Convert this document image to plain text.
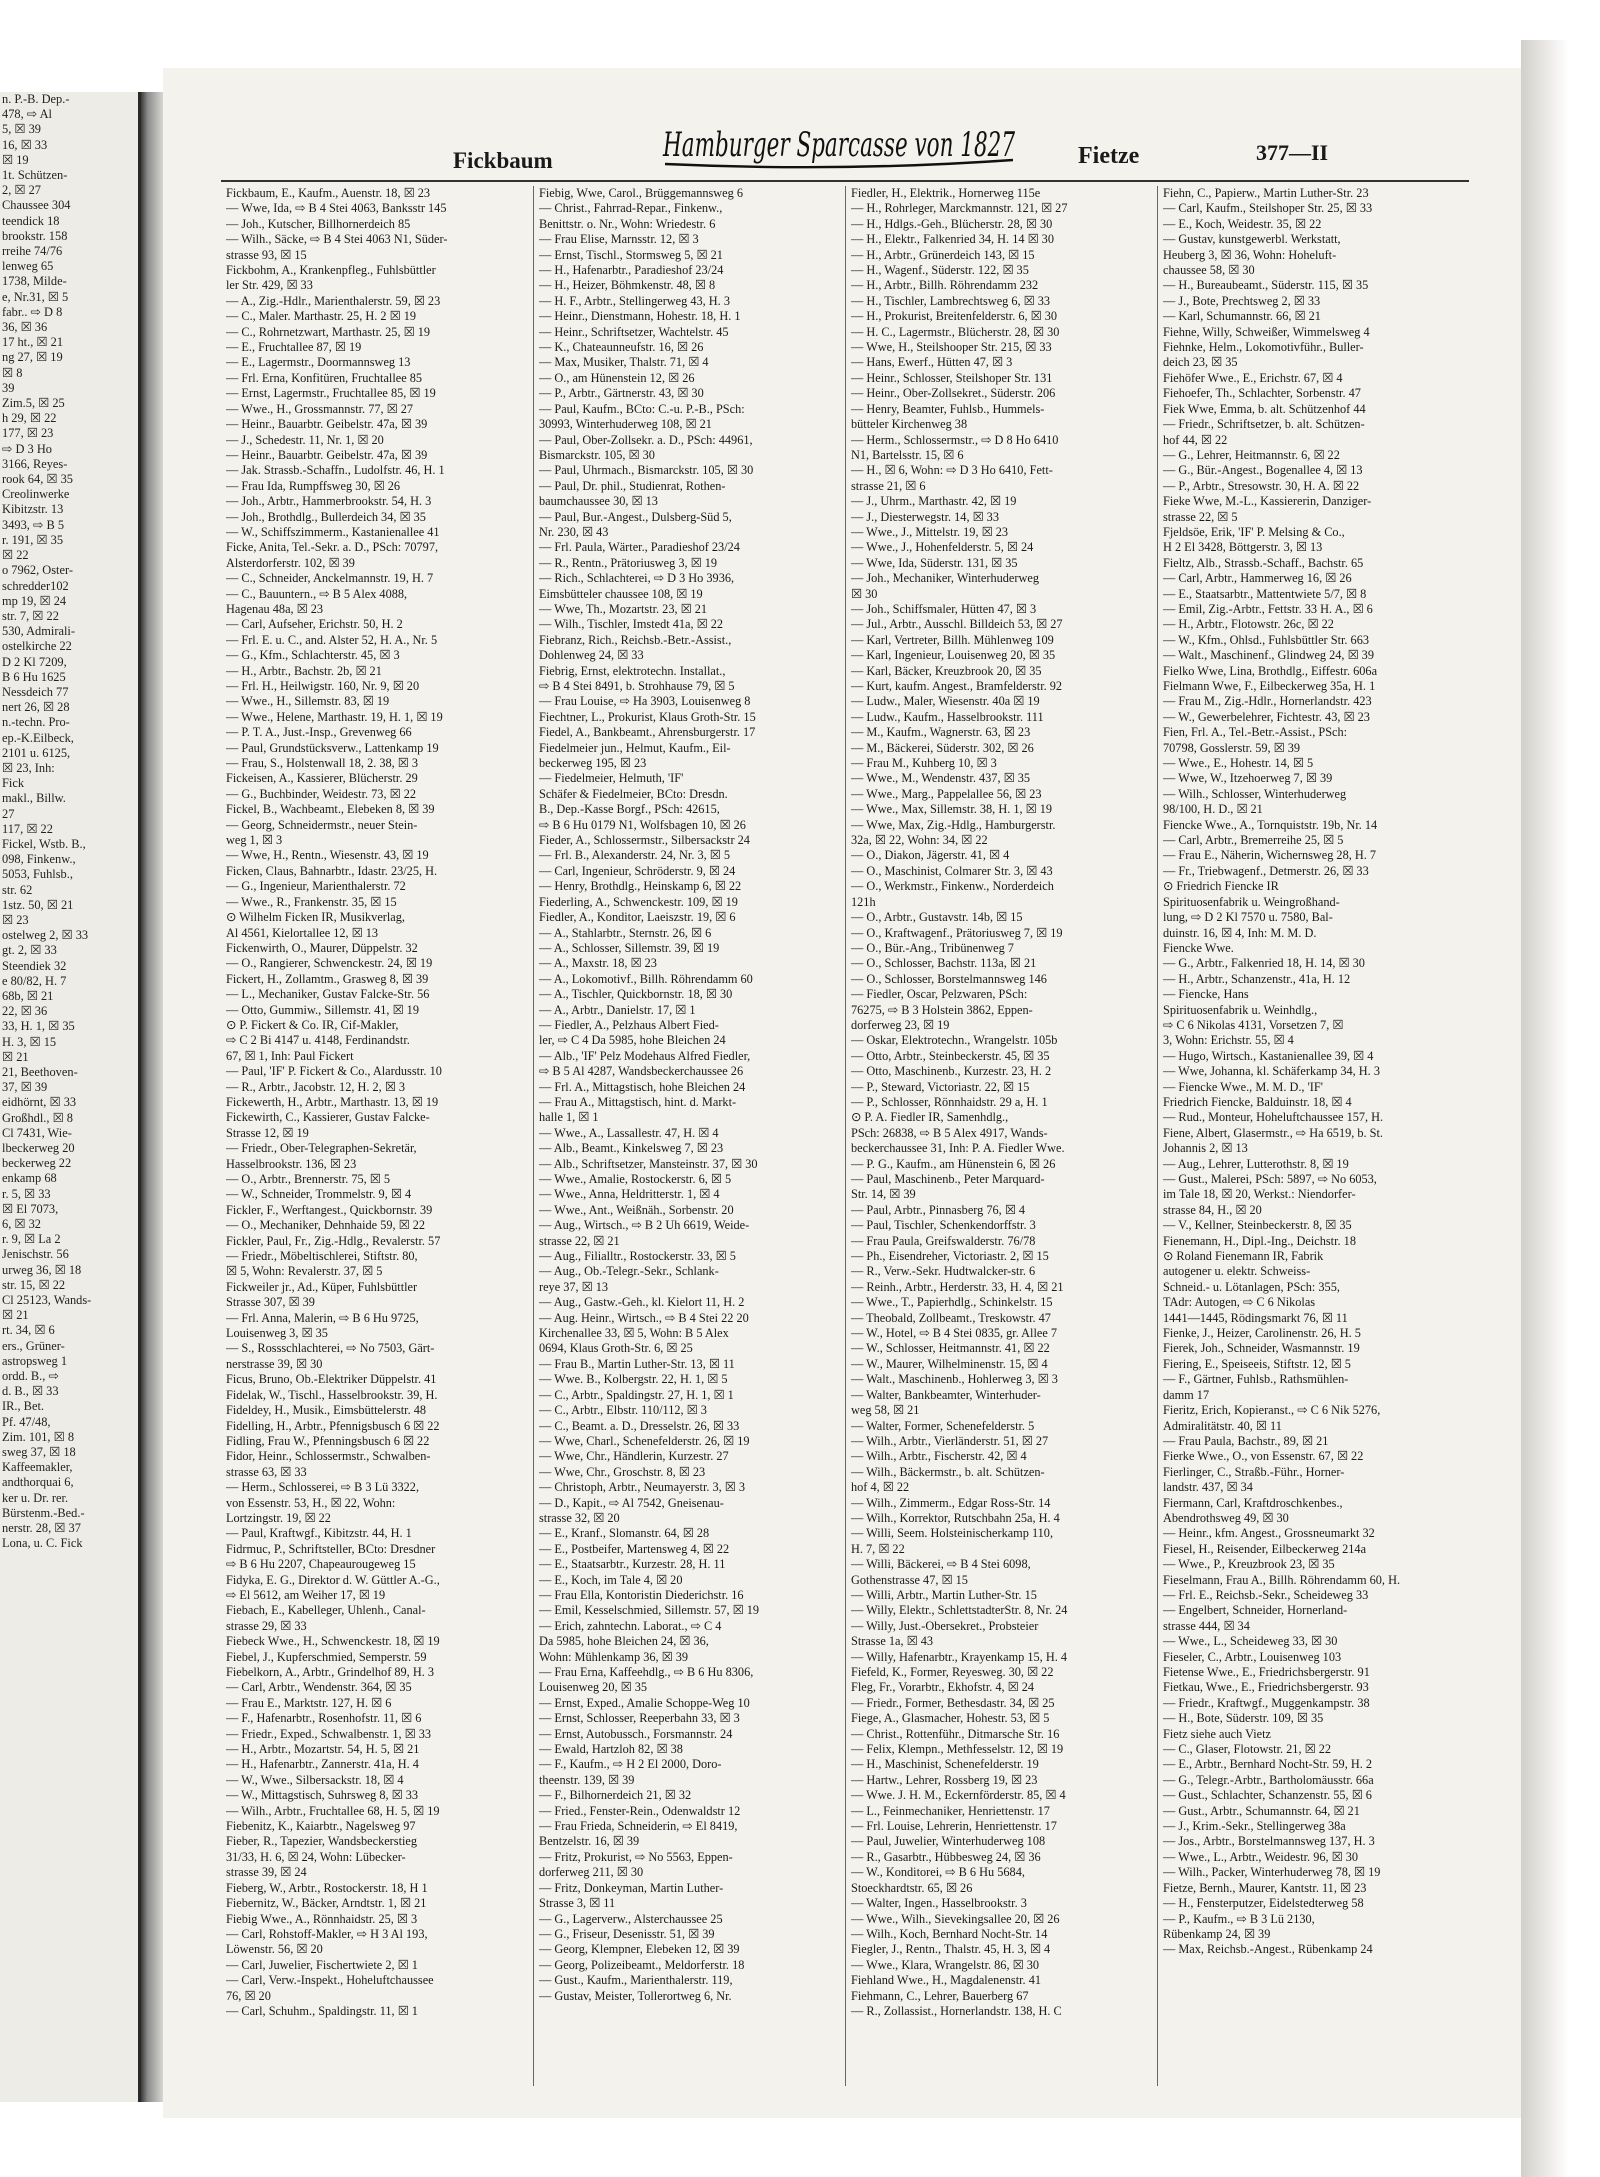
n. P.-B. Dep.-
478, ⇨ Al
5, ☒ 39
16, ☒ 33
☒ 19
1t. Schützen-
2, ☒ 27
Chaussee 304
teendick 18
brookstr. 158
rreihe 74/76
lenweg 65
1738, Milde-
e, Nr.31, ☒ 5
fabr.. ⇨ D 8
36, ☒ 36
17 ht., ☒ 21
ng 27, ☒ 19
☒ 8
39
Zim.5, ☒ 25
h 29, ☒ 22
177, ☒ 23
⇨ D 3 Ho
3166, Reyes-
rook 64, ☒ 35
Creolinwerke
Kibitzstr. 13
3493, ⇨ B 5
r. 191, ☒ 35
☒ 22
o 7962, Oster-
schredder102
mp 19, ☒ 24
str. 7, ☒ 22
530, Admirali-
ostelkirche 22
D 2 Kl 7209,
B 6 Hu 1625
Nessdeich 77
nert 26, ☒ 28
n.-techn. Pro-
ep.-K.Eilbeck,
2101 u. 6125,
☒ 23, Inh:
Fick
makl., Billw.
27
117, ☒ 22
Fickel, Wstb. B.,
098, Finkenw.,
5053, Fuhlsb.,
str. 62
1stz. 50, ☒ 21
☒ 23
ostelweg 2, ☒ 33
gt. 2, ☒ 33
Steendiek 32
e 80/82, H. 7
68b, ☒ 21
22, ☒ 36
33, H. 1, ☒ 35
H. 3, ☒ 15
☒ 21
21, Beethoven-
37, ☒ 39
eidhörnt, ☒ 33
Großhdl., ☒ 8
Cl 7431, Wie-
lbeckerweg 20
beckerweg 22
enkamp 68
r. 5, ☒ 33
☒ El 7073,
6, ☒ 32
r. 9, ☒ La 2
Jenischstr. 56
urweg 36, ☒ 18
str. 15, ☒ 22
Cl 25123, Wands-
☒ 21
rt. 34, ☒ 6
ers., Grüner-
astropsweg 1
ordd. B., ⇨
d. B., ☒ 33
IR., Bet.
Pf. 47/48,
Zim. 101, ☒ 8
sweg 37, ☒ 18
Kaffeemakler,
andthorquai 6,
ker u. Dr. rer.
Bürstenm.-Bed.-
nerstr. 28, ☒ 37
Lona, u. C. Fick
Fickbaum	Hamburger Sparcasse von 1827	Fietze	377—II
Fickbaum, E., Kaufm., Auenstr. 18, ☒ 23
— Wwe, Ida, ⇨ B 4 Stei 4063, Banksstr 145
— Joh., Kutscher, Billhornerdeich 85
— Wilh., Säcke, ⇨ B 4 Stei 4063 N1, Süder-
strasse 93, ☒ 15
Fickbohm, A., Krankenpfleg., Fuhlsbüttler
ler Str. 429, ☒ 33
— A., Zig.-Hdlr., Marienthalerstr. 59, ☒ 23
— C., Maler. Marthastr. 25, H. 2 ☒ 19
— C., Rohrnetzwart, Marthastr. 25, ☒ 19
— E., Fruchtallee 87, ☒ 19
— E., Lagermstr., Doormannsweg 13
— Frl. Erna, Konfitüren, Fruchtallee 85
— Ernst, Lagermstr., Fruchtallee 85, ☒ 19
— Wwe., H., Grossmannstr. 77, ☒ 27
— Heinr., Bauarbtr. Geibelstr. 47a, ☒ 39
— J., Schedestr. 11, Nr. 1, ☒ 20
— Heinr., Bauarbtr. Geibelstr. 47a, ☒ 39
— Jak. Strassb.-Schaffn., Ludolfstr. 46, H. 1
— Frau Ida, Rumpffsweg 30, ☒ 26
— Joh., Arbtr., Hammerbrookstr. 54, H. 3
— Joh., Brothdlg., Bullerdeich 34, ☒ 35
— W., Schiffszimmerm., Kastanienallee 41
Ficke, Anita, Tel.-Sekr. a. D., PSch: 70797,
Alsterdorferstr. 102, ☒ 39
— C., Schneider, Anckelmannstr. 19, H. 7
— C., Bauuntern., ⇨ B 5 Alex 4088,
Hagenau 48a, ☒ 23
— Carl, Aufseher, Erichstr. 50, H. 2
— Frl. E. u. C., and. Alster 52, H. A., Nr. 5
— G., Kfm., Schlachterstr. 45, ☒ 3
— H., Arbtr., Bachstr. 2b, ☒ 21
— Frl. H., Heilwigstr. 160, Nr. 9, ☒ 20
— Wwe., H., Sillemstr. 83, ☒ 19
— Wwe., Helene, Marthastr. 19, H. 1, ☒ 19
— P. T. A., Just.-Insp., Grevenweg 66
— Paul, Grundstücksverw., Lattenkamp 19
— Frau, S., Holstenwall 18, 2. 38, ☒ 3
Fickeisen, A., Kassierer, Blücherstr. 29
— G., Buchbinder, Weidestr. 73, ☒ 22
Fickel, B., Wachbeamt., Elebeken 8, ☒ 39
— Georg, Schneidermstr., neuer Stein-
weg 1, ☒ 3
— Wwe, H., Rentn., Wiesenstr. 43, ☒ 19
Ficken, Claus, Bahnarbtr., Idastr. 23/25, H.
— G., Ingenieur, Marienthalerstr. 72
— Wwe., R., Frankenstr. 35, ☒ 15
⊙ Wilhelm Ficken IR, Musikverlag,
Al 4561, Kielortallee 12, ☒ 13
Fickenwirth, O., Maurer, Düppelstr. 32
— O., Rangierer, Schwenckestr. 24, ☒ 19
Fickert, H., Zollamtm., Grasweg 8, ☒ 39
— L., Mechaniker, Gustav Falcke-Str. 56
— Otto, Gummiw., Sillemstr. 41, ☒ 19
⊙ P. Fickert & Co. IR, Cif-Makler,
⇨ C 2 Bi 4147 u. 4148, Ferdinandstr.
67, ☒ 1, Inh: Paul Fickert
— Paul, 'IF' P. Fickert & Co., Alardusstr. 10
— R., Arbtr., Jacobstr. 12, H. 2, ☒ 3
Fickewerth, H., Arbtr., Marthastr. 13, ☒ 19
Fickewirth, C., Kassierer, Gustav Falcke-
Strasse 12, ☒ 19
— Friedr., Ober-Telegraphen-Sekretär,
Hasselbrookstr. 136, ☒ 23
— O., Arbtr., Brennerstr. 75, ☒ 5
— W., Schneider, Trommelstr. 9, ☒ 4
Fickler, F., Werftangest., Quickbornstr. 39
— O., Mechaniker, Dehnhaide 59, ☒ 22
Fickler, Paul, Fr., Zig.-Hdlg., Revalerstr. 57
— Friedr., Möbeltischlerei, Stiftstr. 80,
☒ 5, Wohn: Revalerstr. 37, ☒ 5
Fickweiler jr., Ad., Küper, Fuhlsbüttler
Strasse 307, ☒ 39
— Frl. Anna, Malerin, ⇨ B 6 Hu 9725,
Louisenweg 3, ☒ 35
— S., Rossschlachterei, ⇨ No 7503, Gärt-
nerstrasse 39, ☒ 30
Ficus, Bruno, Ob.-Elektriker Düppelstr. 41
Fidelak, W., Tischl., Hasselbrookstr. 39, H.
Fideldey, H., Musik., Eimsbüttelerstr. 48
Fidelling, H., Arbtr., Pfennigsbusch 6 ☒ 22
Fidling, Frau W., Pfenningsbusch 6 ☒ 22
Fidor, Heinr., Schlossermstr., Schwalben-
strasse 63, ☒ 33
— Herm., Schlosserei, ⇨ B 3 Lü 3322,
von Essenstr. 53, H., ☒ 22, Wohn:
Lortzingstr. 19, ☒ 22
— Paul, Kraftwgf., Kibitzstr. 44, H. 1
Fidrmuc, P., Schriftsteller, BCto: Dresdner
⇨ B 6 Hu 2207, Chapeaurougeweg 15
Fidyka, E. G., Direktor d. W. Güttler A.-G.,
⇨ El 5612, am Weiher 17, ☒ 19
Fiebach, E., Kabelleger, Uhlenh., Canal-
strasse 29, ☒ 33
Fiebeck Wwe., H., Schwenckestr. 18, ☒ 19
Fiebel, J., Kupferschmied, Semperstr. 59
Fiebelkorn, A., Arbtr., Grindelhof 89, H. 3
— Carl, Arbtr., Wendenstr. 364, ☒ 35
— Frau E., Marktstr. 127, H. ☒ 6
— F., Hafenarbtr., Rosenhofstr. 11, ☒ 6
— Friedr., Exped., Schwalbenstr. 1, ☒ 33
— H., Arbtr., Mozartstr. 54, H. 5, ☒ 21
— H., Hafenarbtr., Zannerstr. 41a, H. 4
— W., Wwe., Silbersackstr. 18, ☒ 4
— W., Mittagstisch, Suhrsweg 8, ☒ 33
— Wilh., Arbtr., Fruchtallee 68, H. 5, ☒ 19
Fiebenitz, K., Kaiarbtr., Nagelsweg 97
Fieber, R., Tapezier, Wandsbeckerstieg
31/33, H. 6, ☒ 24, Wohn: Lübecker-
strasse 39, ☒ 24
Fieberg, W., Arbtr., Rostockerstr. 18, H 1
Fiebernitz, W., Bäcker, Arndtstr. 1, ☒ 21
Fiebig Wwe., A., Rönnhaidstr. 25, ☒ 3
— Carl, Rohstoff-Makler, ⇨ H 3 Al 193,
Löwenstr. 56, ☒ 20
— Carl, Juwelier, Fischertwiete 2, ☒ 1
— Carl, Verw.-Inspekt., Hoheluftchaussee
76, ☒ 20
— Carl, Schuhm., Spaldingstr. 11, ☒ 1
Fiebig, Wwe, Carol., Brüggemannsweg 6
— Christ., Fahrrad-Repar., Finkenw.,
Benittstr. o. Nr., Wohn: Wriedestr. 6
— Frau Elise, Marnsstr. 12, ☒ 3
— Ernst, Tischl., Stormsweg 5, ☒ 21
— H., Hafenarbtr., Paradieshof 23/24
— H., Heizer, Böhmkenstr. 48, ☒ 8
— H. F., Arbtr., Stellingerweg 43, H. 3
— Heinr., Dienstmann, Hohestr. 18, H. 1
— Heinr., Schriftsetzer, Wachtelstr. 45
— K., Chateaunneufstr. 16, ☒ 26
— Max, Musiker, Thalstr. 71, ☒ 4
— O., am Hünenstein 12, ☒ 26
— P., Arbtr., Gärtnerstr. 43, ☒ 30
— Paul, Kaufm., BCto: C.-u. P.-B., PSch:
30993, Winterhuderweg 108, ☒ 21
— Paul, Ober-Zollsekr. a. D., PSch: 44961,
Bismarckstr. 105, ☒ 30
— Paul, Uhrmach., Bismarckstr. 105, ☒ 30
— Paul, Dr. phil., Studienrat, Rothen-
baumchaussee 30, ☒ 13
— Paul, Bur.-Angest., Dulsberg-Süd 5,
Nr. 230, ☒ 43
— Frl. Paula, Wärter., Paradieshof 23/24
— R., Rentn., Prätoriusweg 3, ☒ 19
— Rich., Schlachterei, ⇨ D 3 Ho 3936,
Eimsbütteler chaussee 108, ☒ 19
— Wwe, Th., Mozartstr. 23, ☒ 21
— Wilh., Tischler, Imstedt 41a, ☒ 22
Fiebranz, Rich., Reichsb.-Betr.-Assist.,
Dohlenweg 24, ☒ 33
Fiebrig, Ernst, elektrotechn. Installat.,
⇨ B 4 Stei 8491, b. Strohhause 79, ☒ 5
— Frau Louise, ⇨ Ha 3903, Louisenweg 8
Fiechtner, L., Prokurist, Klaus Groth-Str. 15
Fiedel, A., Bankbeamt., Ahrensburgerstr. 17
Fiedelmeier jun., Helmut, Kaufm., Eil-
beckerweg 195, ☒ 23
— Fiedelmeier, Helmuth, 'IF'
Schäfer & Fiedelmeier, BCto: Dresdn.
B., Dep.-Kasse Borgf., PSch: 42615,
⇨ B 6 Hu 0179 N1, Wolfsbagen 10, ☒ 26
Fieder, A., Schlossermstr., Silbersackstr 24
— Frl. B., Alexanderstr. 24, Nr. 3, ☒ 5
— Carl, Ingenieur, Schröderstr. 9, ☒ 24
— Henry, Brothdlg., Heinskamp 6, ☒ 22
Fiederling, A., Schwenckestr. 109, ☒ 19
Fiedler, A., Konditor, Laeiszstr. 19, ☒ 6
— A., Stahlarbtr., Sternstr. 26, ☒ 6
— A., Schlosser, Sillemstr. 39, ☒ 19
— A., Maxstr. 18, ☒ 23
— A., Lokomotivf., Billh. Röhrendamm 60
— A., Tischler, Quickbornstr. 18, ☒ 30
— A., Arbtr., Danielstr. 17, ☒ 1
— Fiedler, A., Pelzhaus Albert Fied-
ler, ⇨ C 4 Da 5985, hohe Bleichen 24
— Alb., 'IF' Pelz Modehaus Alfred Fiedler,
⇨ B 5 Al 4287, Wandsbeckerchaussee 26
— Frl. A., Mittagstisch, hohe Bleichen 24
— Frau A., Mittagstisch, hint. d. Markt-
halle 1, ☒ 1
— Wwe., A., Lassallestr. 47, H. ☒ 4
— Alb., Beamt., Kinkelsweg 7, ☒ 23
— Alb., Schriftsetzer, Mansteinstr. 37, ☒ 30
— Wwe., Amalie, Rostockerstr. 6, ☒ 5
— Wwe., Anna, Heldritterstr. 1, ☒ 4
— Wwe., Ant., Weißnäh., Sorbenstr. 20
— Aug., Wirtsch., ⇨ B 2 Uh 6619, Weide-
strasse 22, ☒ 21
— Aug., Filialltr., Rostockerstr. 33, ☒ 5
— Aug., Ob.-Telegr.-Sekr., Schlank-
reye 37, ☒ 13
— Aug., Gastw.-Geh., kl. Kielort 11, H. 2
— Aug. Heinr., Wirtsch., ⇨ B 4 Stei 22 20
Kirchenallee 33, ☒ 5, Wohn: B 5 Alex
0694, Klaus Groth-Str. 6, ☒ 25
— Frau B., Martin Luther-Str. 13, ☒ 11
— Wwe. B., Kolbergstr. 22, H. 1, ☒ 5
— C., Arbtr., Spaldingstr. 27, H. 1, ☒ 1
— C., Arbtr., Elbstr. 110/112, ☒ 3
— C., Beamt. a. D., Dresselstr. 26, ☒ 33
— Wwe, Charl., Schenefelderstr. 26, ☒ 19
— Wwe, Chr., Händlerin, Kurzestr. 27
— Wwe, Chr., Groschstr. 8, ☒ 23
— Christoph, Arbtr., Neumayerstr. 3, ☒ 3
— D., Kapit., ⇨ Al 7542, Gneisenau-
strasse 32, ☒ 20
— E., Kranf., Slomanstr. 64, ☒ 28
— E., Postbeifer, Martensweg 4, ☒ 22
— E., Staatsarbtr., Kurzestr. 28, H. 11
— E., Koch, im Tale 4, ☒ 20
— Frau Ella, Kontoristin Diederichstr. 16
— Emil, Kesselschmied, Sillemstr. 57, ☒ 19
— Erich, zahntechn. Laborat., ⇨ C 4
Da 5985, hohe Bleichen 24, ☒ 36,
Wohn: Mühlenkamp 36, ☒ 39
— Frau Erna, Kaffeehdlg., ⇨ B 6 Hu 8306,
Louisenweg 20, ☒ 35
— Ernst, Exped., Amalie Schoppe-Weg 10
— Ernst, Schlosser, Reeperbahn 33, ☒ 3
— Ernst, Autobussch., Forsmannstr. 24
— Ewald, Hartzloh 82, ☒ 38
— F., Kaufm., ⇨ H 2 El 2000, Doro-
theenstr. 139, ☒ 39
— F., Bilhornerdeich 21, ☒ 32
— Fried., Fenster-Rein., Odenwaldstr 12
— Frau Frieda, Schneiderin, ⇨ El 8419,
Bentzelstr. 16, ☒ 39
— Fritz, Prokurist, ⇨ No 5563, Eppen-
dorferweg 211, ☒ 30
— Fritz, Donkeyman, Martin Luther-
Strasse 3, ☒ 11
— G., Lagerverw., Alsterchaussee 25
— G., Friseur, Desenisstr. 51, ☒ 39
— Georg, Klempner, Elebeken 12, ☒ 39
— Georg, Polizeibeamt., Meldorferstr. 18
— Gust., Kaufm., Marienthalerstr. 119,
— Gustav, Meister, Tollerortweg 6, Nr.
Fiedler, H., Elektrik., Hornerweg 115e
— H., Rohrleger, Marckmannstr. 121, ☒ 27
— H., Hdlgs.-Geh., Blücherstr. 28, ☒ 30
— H., Elektr., Falkenried 34, H. 14 ☒ 30
— H., Arbtr., Grünerdeich 143, ☒ 15
— H., Wagenf., Süderstr. 122, ☒ 35
— H., Arbtr., Billh. Röhrendamm 232
— H., Tischler, Lambrechtsweg 6, ☒ 33
— H., Prokurist, Breitenfelderstr. 6, ☒ 30
— H. C., Lagermstr., Blücherstr. 28, ☒ 30
— Wwe, H., Steilshooper Str. 215, ☒ 33
— Hans, Ewerf., Hütten 47, ☒ 3
— Heinr., Schlosser, Steilshoper Str. 131
— Heinr., Ober-Zollsekret., Süderstr. 206
— Henry, Beamter, Fuhlsb., Hummels-
bütteler Kirchenweg 38
— Herm., Schlossermstr., ⇨ D 8 Ho 6410
N1, Bartelsstr. 15, ☒ 6
— H., ☒ 6, Wohn: ⇨ D 3 Ho 6410, Fett-
strasse 21, ☒ 6
— J., Uhrm., Marthastr. 42, ☒ 19
— J., Diesterwegstr. 14, ☒ 33
— Wwe., J., Mittelstr. 19, ☒ 23
— Wwe., J., Hohenfelderstr. 5, ☒ 24
— Wwe, Ida, Süderstr. 131, ☒ 35
— Joh., Mechaniker, Winterhuderweg
☒ 30
— Joh., Schiffsmaler, Hütten 47, ☒ 3
— Jul., Arbtr., Ausschl. Billdeich 53, ☒ 27
— Karl, Vertreter, Billh. Mühlenweg 109
— Karl, Ingenieur, Louisenweg 20, ☒ 35
— Karl, Bäcker, Kreuzbrook 20, ☒ 35
— Kurt, kaufm. Angest., Bramfelderstr. 92
— Ludw., Maler, Wiesenstr. 40a ☒ 19
— Ludw., Kaufm., Hasselbrookstr. 111
— M., Kaufm., Wagnerstr. 63, ☒ 23
— M., Bäckerei, Süderstr. 302, ☒ 26
— Frau M., Kuhberg 10, ☒ 3
— Wwe., M., Wendenstr. 437, ☒ 35
— Wwe., Marg., Pappelallee 56, ☒ 23
— Wwe., Max, Sillemstr. 38, H. 1, ☒ 19
— Wwe, Max, Zig.-Hdlg., Hamburgerstr.
32a, ☒ 22, Wohn: 34, ☒ 22
— O., Diakon, Jägerstr. 41, ☒ 4
— O., Maschinist, Colmarer Str. 3, ☒ 43
— O., Werkmstr., Finkenw., Norderdeich
121h
— O., Arbtr., Gustavstr. 14b, ☒ 15
— O., Kraftwagenf., Prätoriusweg 7, ☒ 19
— O., Bür.-Ang., Tribünenweg 7
— O., Schlosser, Bachstr. 113a, ☒ 21
— O., Schlosser, Borstelmannsweg 146
— Fiedler, Oscar, Pelzwaren, PSch:
76275, ⇨ B 3 Holstein 3862, Eppen-
dorferweg 23, ☒ 19
— Oskar, Elektrotechn., Wrangelstr. 105b
— Otto, Arbtr., Steinbeckerstr. 45, ☒ 35
— Otto, Maschinenb., Kurzestr. 23, H. 2
— P., Steward, Victoriastr. 22, ☒ 15
— P., Schlosser, Rönnhaidstr. 29 a, H. 1
⊙ P. A. Fiedler IR, Samenhdlg.,
PSch: 26838, ⇨ B 5 Alex 4917, Wands-
beckerchaussee 31, Inh: P. A. Fiedler Wwe.
— P. G., Kaufm., am Hünenstein 6, ☒ 26
— Paul, Maschinenb., Peter Marquard-
Str. 14, ☒ 39
— Paul, Arbtr., Pinnasberg 76, ☒ 4
— Paul, Tischler, Schenkendorffstr. 3
— Frau Paula, Greifswalderstr. 76/78
— Ph., Eisendreher, Victoriastr. 2, ☒ 15
— R., Verw.-Sekr. Hudtwalcker-str. 6
— Reinh., Arbtr., Herderstr. 33, H. 4, ☒ 21
— Wwe., T., Papierhdlg., Schinkelstr. 15
— Theobald, Zollbeamt., Treskowstr. 47
— W., Hotel, ⇨ B 4 Stei 0835, gr. Allee 7
— W., Schlosser, Heitmannstr. 41, ☒ 22
— W., Maurer, Wilhelminenstr. 15, ☒ 4
— Walt., Maschinenb., Hohlerweg 3, ☒ 3
— Walter, Bankbeamter, Winterhuder-
weg 58, ☒ 21
— Walter, Former, Schenefelderstr. 5
— Wilh., Arbtr., Vierländerstr. 51, ☒ 27
— Wilh., Arbtr., Fischerstr. 42, ☒ 4
— Wilh., Bäckermstr., b. alt. Schützen-
hof 4, ☒ 22
— Wilh., Zimmerm., Edgar Ross-Str. 14
— Wilh., Korrektor, Rutschbahn 25a, H. 4
— Willi, Seem. Holsteinischerkamp 110,
H. 7, ☒ 22
— Willi, Bäckerei, ⇨ B 4 Stei 6098,
Gothenstrasse 47, ☒ 15
— Willi, Arbtr., Martin Luther-Str. 15
— Willy, Elektr., SchlettstadterStr. 8, Nr. 24
— Willy, Just.-Obersekret., Probsteier
Strasse 1a, ☒ 43
— Willy, Hafenarbtr., Krayenkamp 15, H. 4
Fiefeld, K., Former, Reyesweg. 30, ☒ 22
Fleg, Fr., Vorarbtr., Ekhofstr. 4, ☒ 24
— Friedr., Former, Bethesdastr. 34, ☒ 25
Fiege, A., Glasmacher, Hohestr. 53, ☒ 5
— Christ., Rottenführ., Ditmarsche Str. 16
— Felix, Klempn., Methfesselstr. 12, ☒ 19
— H., Maschinist, Schenefelderstr. 19
— Hartw., Lehrer, Rossberg 19, ☒ 23
— Wwe. J. H. M., Eckernförderstr. 85, ☒ 4
— L., Feinmechaniker, Henriettenstr. 17
— Frl. Louise, Lehrerin, Henriettenstr. 17
— Paul, Juwelier, Winterhuderweg 108
— R., Gasarbtr., Hübbesweg 24, ☒ 36
— W., Konditorei, ⇨ B 6 Hu 5684,
Stoeckhardtstr. 65, ☒ 26
— Walter, Ingen., Hasselbrookstr. 3
— Wwe., Wilh., Sievekingsallee 20, ☒ 26
— Wilh., Koch, Bernhard Nocht-Str. 14
Fiegler, J., Rentn., Thalstr. 45, H. 3, ☒ 4
— Wwe., Klara, Wrangelstr. 86, ☒ 30
Fiehland Wwe., H., Magdalenenstr. 41
Fiehmann, C., Lehrer, Bauerberg 67
— R., Zollassist., Hornerlandstr. 138, H. C
Fiehn, C., Papierw., Martin Luther-Str. 23
— Carl, Kaufm., Steilshoper Str. 25, ☒ 33
— E., Koch, Weidestr. 35, ☒ 22
— Gustav, kunstgewerbl. Werkstatt,
Heuberg 3, ☒ 36, Wohn: Hoheluft-
chaussee 58, ☒ 30
— H., Bureaubeamt., Süderstr. 115, ☒ 35
— J., Bote, Prechtsweg 2, ☒ 33
— Karl, Schumannstr. 66, ☒ 21
Fiehne, Willy, Schweißer, Wimmelsweg 4
Fiehnke, Helm., Lokomotivführ., Buller-
deich 23, ☒ 35
Fiehöfer Wwe., E., Erichstr. 67, ☒ 4
Fiehoefer, Th., Schlachter, Sorbenstr. 47
Fiek Wwe, Emma, b. alt. Schützenhof 44
— Friedr., Schriftsetzer, b. alt. Schützen-
hof 44, ☒ 22
— G., Lehrer, Heitmannstr. 6, ☒ 22
— G., Bür.-Angest., Bogenallee 4, ☒ 13
— P., Arbtr., Stresowstr. 30, H. A. ☒ 22
Fieke Wwe, M.-L., Kassiererin, Danziger-
strasse 22, ☒ 5
Fjeldsöe, Erik, 'IF' P. Melsing & Co.,
H 2 El 3428, Böttgerstr. 3, ☒ 13
Fieltz, Alb., Strassb.-Schaff., Bachstr. 65
— Carl, Arbtr., Hammerweg 16, ☒ 26
— E., Staatsarbtr., Mattentwiete 5/7, ☒ 8
— Emil, Zig.-Arbtr., Fettstr. 33 H. A., ☒ 6
— H., Arbtr., Flotowstr. 26c, ☒ 22
— W., Kfm., Ohlsd., Fuhlsbüttler Str. 663
— Walt., Maschinenf., Glindweg 24, ☒ 39
Fielko Wwe, Lina, Brothdlg., Eiffestr. 606a
Fielmann Wwe, F., Eilbeckerweg 35a, H. 1
— Frau M., Zig.-Hdlr., Hornerlandstr. 423
— W., Gewerbelehrer, Fichtestr. 43, ☒ 23
Fien, Frl. A., Tel.-Betr.-Assist., PSch:
70798, Gosslerstr. 59, ☒ 39
— Wwe., E., Hohestr. 14, ☒ 5
— Wwe, W., Itzehoerweg 7, ☒ 39
— Wilh., Schlosser, Winterhuderweg
98/100, H. D., ☒ 21
Fiencke Wwe., A., Tornquiststr. 19b, Nr. 14
— Carl, Arbtr., Bremerreihe 25, ☒ 5
— Frau E., Näherin, Wichernsweg 28, H. 7
— Fr., Triebwagenf., Detmerstr. 26, ☒ 33
⊙ Friedrich Fiencke IR
Spirituosenfabrik u. Weingroßhand-
lung, ⇨ D 2 Kl 7570 u. 7580, Bal-
duinstr. 16, ☒ 4, Inh: M. M. D.
Fiencke Wwe.
— G., Arbtr., Falkenried 18, H. 14, ☒ 30
— H., Arbtr., Schanzenstr., 41a, H. 12
— Fiencke, Hans
Spirituosenfabrik u. Weinhdlg.,
⇨ C 6 Nikolas 4131, Vorsetzen 7, ☒
3, Wohn: Erichstr. 55, ☒ 4
— Hugo, Wirtsch., Kastanienallee 39, ☒ 4
— Wwe, Johanna, kl. Schäferkamp 34, H. 3
— Fiencke Wwe., M. M. D., 'IF'
Friedrich Fiencke, Balduinstr. 18, ☒ 4
— Rud., Monteur, Hoheluftchaussee 157, H.
Fiene, Albert, Glasermstr., ⇨ Ha 6519, b. St.
Johannis 2, ☒ 13
— Aug., Lehrer, Lutterothstr. 8, ☒ 19
— Gust., Malerei, PSch: 5897, ⇨ No 6053,
im Tale 18, ☒ 20, Werkst.: Niendorfer-
strasse 84, H., ☒ 20
— V., Kellner, Steinbeckerstr. 8, ☒ 35
Fienemann, H., Dipl.-Ing., Deichstr. 18
⊙ Roland Fienemann IR, Fabrik
autogener u. elektr. Schweiss-
Schneid.- u. Lötanlagen, PSch: 355,
TAdr: Autogen, ⇨ C 6 Nikolas
1441—1445, Rödingsmarkt 76, ☒ 11
Fienke, J., Heizer, Carolinenstr. 26, H. 5
Fierek, Joh., Schneider, Wasmannstr. 19
Fiering, E., Speiseeis, Stiftstr. 12, ☒ 5
— F., Gärtner, Fuhlsb., Rathsmühlen-
damm 17
Fieritz, Erich, Kopieranst., ⇨ C 6 Nik 5276,
Admiralitätstr. 40, ☒ 11
— Frau Paula, Bachstr., 89, ☒ 21
Fierke Wwe., O., von Essenstr. 67, ☒ 22
Fierlinger, C., Straßb.-Führ., Horner-
landstr. 437, ☒ 34
Fiermann, Carl, Kraftdroschkenbes.,
Abendrothsweg 49, ☒ 30
— Heinr., kfm. Angest., Grossneumarkt 32
Fiesel, H., Reisender, Eilbeckerweg 214a
— Wwe., P., Kreuzbrook 23, ☒ 35
Fieselmann, Frau A., Billh. Röhrendamm 60, H.
— Frl. E., Reichsb.-Sekr., Scheideweg 33
— Engelbert, Schneider, Hornerland-
strasse 444, ☒ 34
— Wwe., L., Scheideweg 33, ☒ 30
Fieseler, C., Arbtr., Louisenweg 103
Fietense Wwe., E., Friedrichsbergerstr. 91
Fietkau, Wwe., E., Friedrichsbergerstr. 93
— Friedr., Kraftwgf., Muggenkampstr. 38
— H., Bote, Süderstr. 109, ☒ 35
Fietz siehe auch Vietz
— C., Glaser, Flotowstr. 21, ☒ 22
— E., Arbtr., Bernhard Nocht-Str. 59, H. 2
— G., Telegr.-Arbtr., Bartholomäusstr. 66a
— Gust., Schlachter, Schanzenstr. 55, ☒ 6
— Gust., Arbtr., Schumannstr. 64, ☒ 21
— J., Krim.-Sekr., Stellingerweg 38a
— Jos., Arbtr., Borstelmannsweg 137, H. 3
— Wwe., L., Arbtr., Weidestr. 96, ☒ 30
— Wilh., Packer, Winterhuderweg 78, ☒ 19
Fietze, Bernh., Maurer, Kantstr. 11, ☒ 23
— H., Fensterputzer, Eidelstedterweg 58
— P., Kaufm., ⇨ B 3 Lü 2130,
Rübenkamp 24, ☒ 39
— Max, Reichsb.-Angest., Rübenkamp 24
